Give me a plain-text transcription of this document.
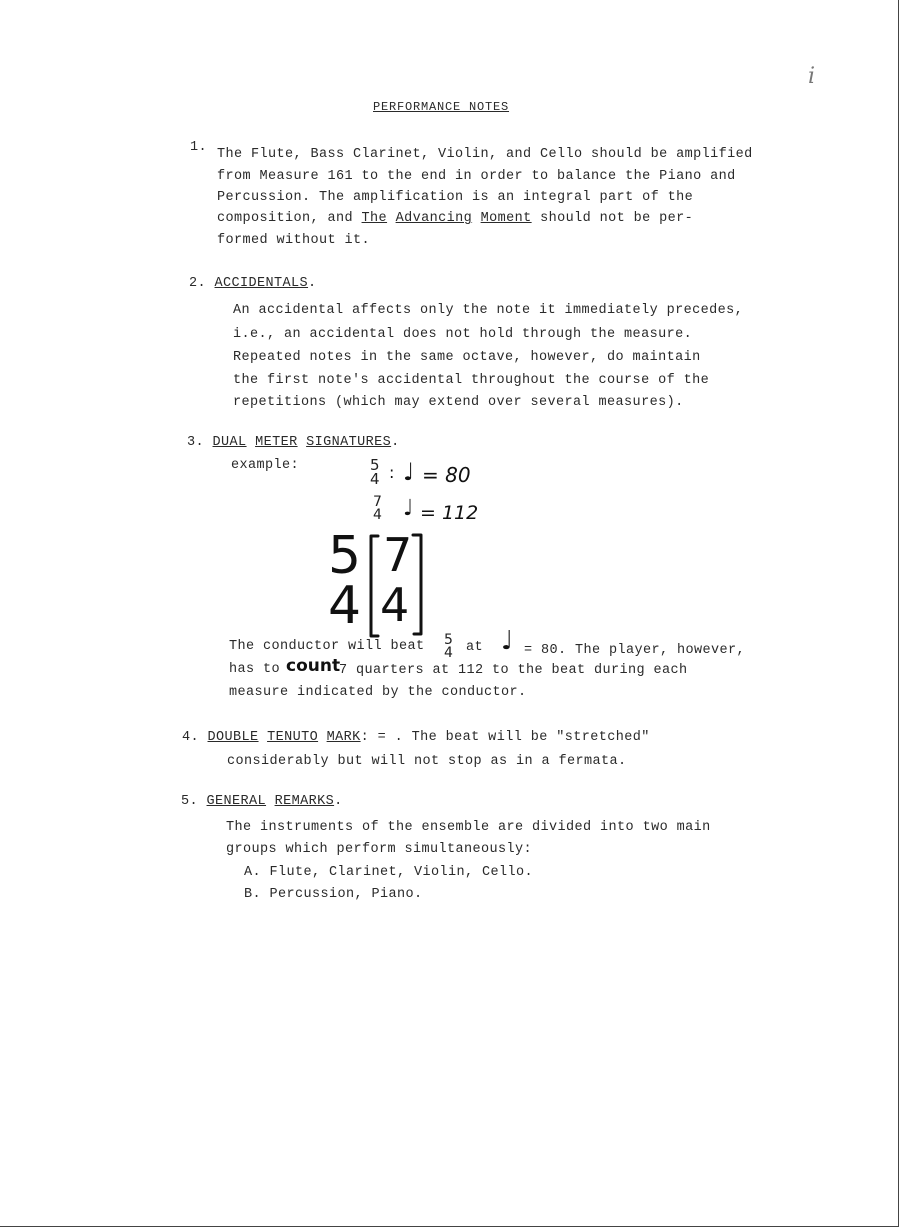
i
PERFORMANCE NOTES
1. The Flute, Bass Clarinet, Violin, and Cello should be amplified
from Measure 161 to the end in order to balance the Piano and
Percussion. The amplification is an integral part of the
composition, and The Advancing Moment should not be per-
formed without it.
2. ACCIDENTALS.
An accidental affects only the note it immediately precedes,
i.e., an accidental does not hold through the measure.
Repeated notes in the same octave, however, do maintain
the first note's accidental throughout the course of the
repetitions (which may extend over several measures).
3. DUAL METER SIGNATURES.
example:	5
4 : ♩ = 80
7
4 ♩ = 112
5
4
7
4
The conductor will beat 5
4 at ♩ = 80. The player, however,
has to count
7 quarters at 112 to the beat during each
measure indicated by the conductor.
4. DOUBLE TENUTO MARK: = . The beat will be "stretched"
considerably but will not stop as in a fermata.
5. GENERAL REMARKS.
The instruments of the ensemble are divided into two main
groups which perform simultaneously:
A. Flute, Clarinet, Violin, Cello.
B. Percussion, Piano.
